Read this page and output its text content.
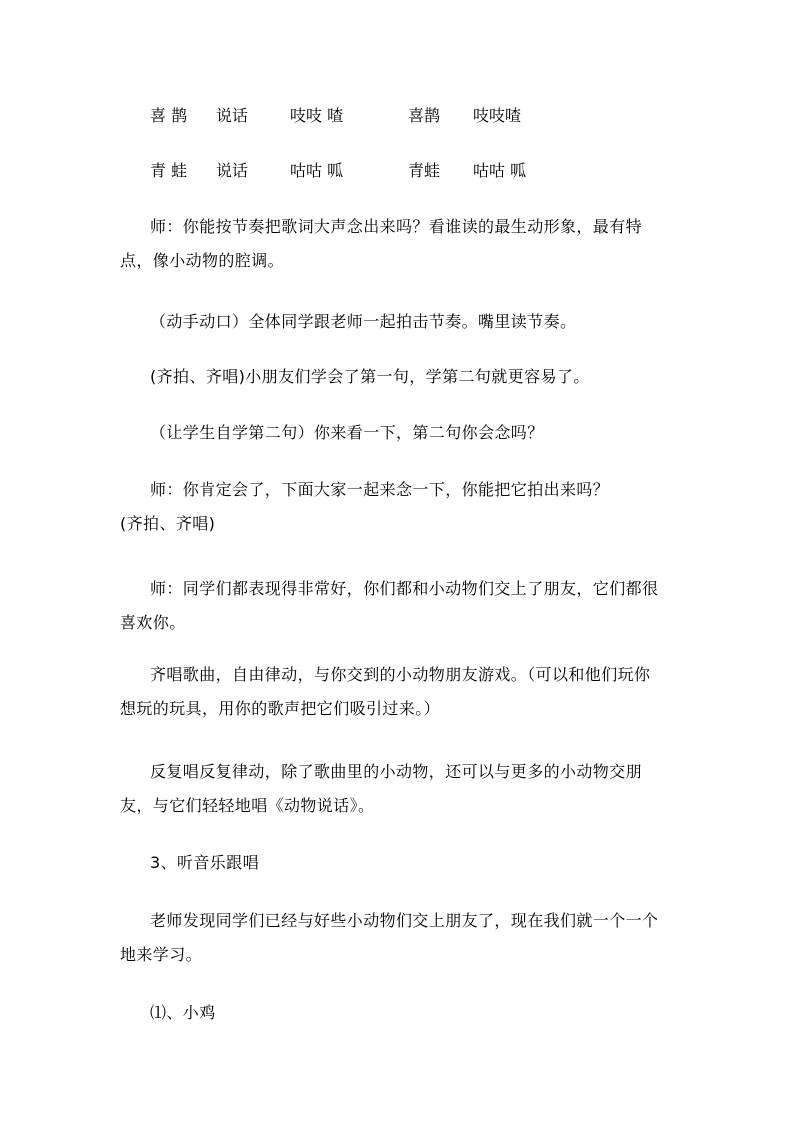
喜 鹊 说话	吱吱 喳	喜鹊 吱吱喳
青 蛙 说话	咕咕 呱	青蛙 咕咕 呱
师：你能按节奏把歌词大声念出来吗？看谁读的最生动形象，最有特点，像小动物的腔调。
（动手动口）全体同学跟老师一起拍击节奏。嘴里读节奏。
(齐拍、齐唱)小朋友们学会了第一句，学第二句就更容易了。
（让学生自学第二句）你来看一下，第二句你会念吗？
师：你肯定会了，下面大家一起来念一下，你能把它拍出来吗？　　(齐拍、齐唱)
师：同学们都表现得非常好，你们都和小动物们交上了朋友，它们都很喜欢你。
齐唱歌曲，自由律动，与你交到的小动物朋友游戏。（可以和他们玩你想玩的玩具，用你的歌声把它们吸引过来。）
反复唱反复律动，除了歌曲里的小动物，还可以与更多的小动物交朋友，与它们轻轻地唱《动物说话》。
3、听音乐跟唱
老师发现同学们已经与好些小动物们交上朋友了，现在我们就一个一个地来学习。
⑴、小鸡
